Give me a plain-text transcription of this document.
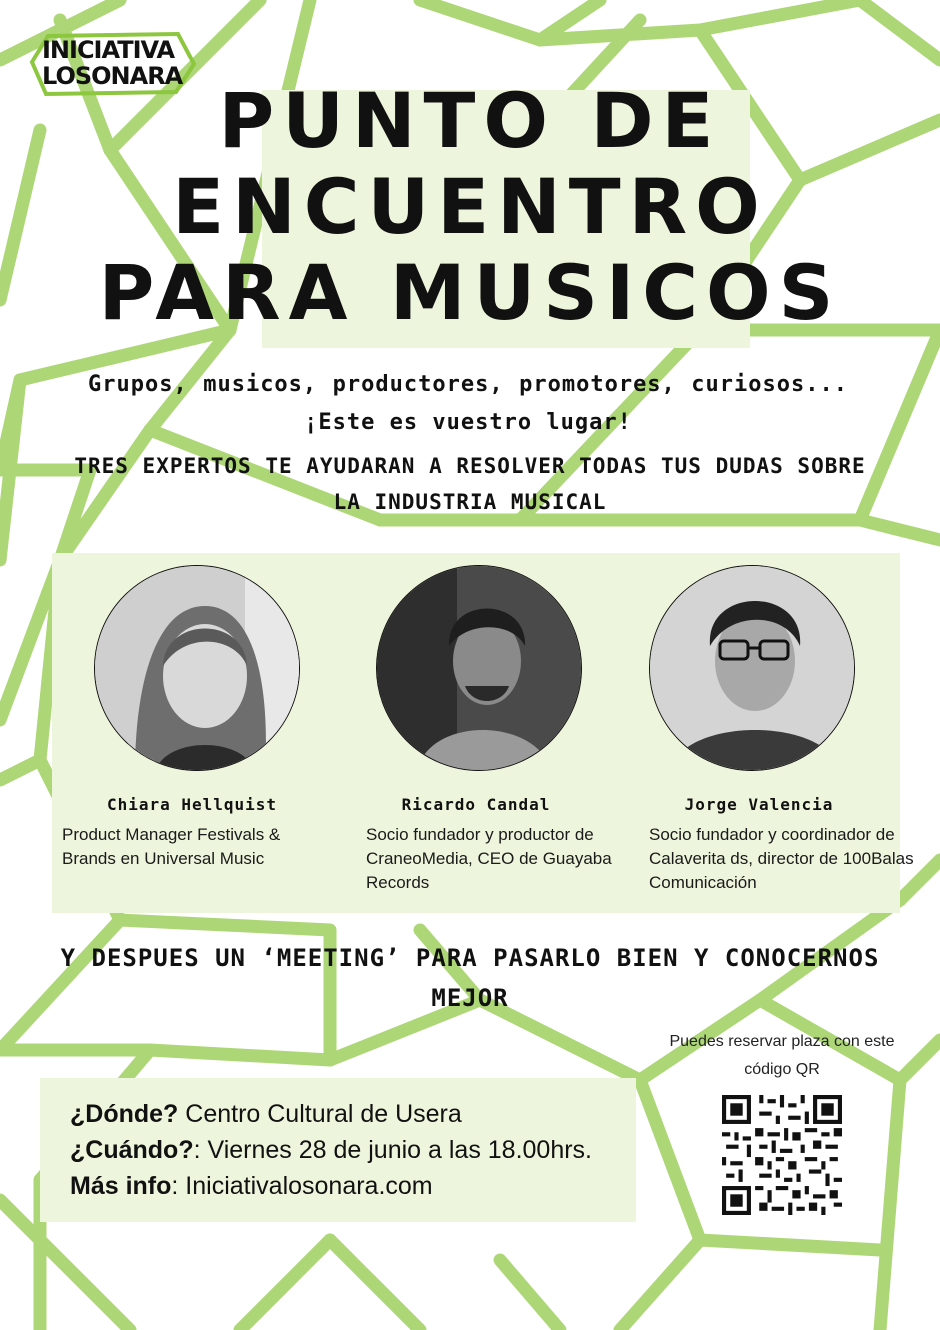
INICIATIVA
LOSONARA PUNTO DE
ENCUENTRO
PARA MUSICOS
Grupos, musicos, productores, promotores, curiosos... ¡Este es vuestro lugar!
TRES EXPERTOS TE AYUDARAN A RESOLVER TODAS TUS DUDAS SOBRE LA INDUSTRIA MUSICAL
Chiara Hellquist
Product Manager Festivals & Brands en Universal Music
Ricardo Candal
Socio fundador y productor de CraneoMedia, CEO de Guayaba Records
Jorge Valencia
Socio fundador y coordinador de Calaverita ds, director de 100Balas Comunicación
Y DESPUES UN ‘MEETING’ PARA PASARLO BIEN Y CONOCERNOS MEJOR
Puedes reservar plaza con este código QR
¿Dónde? Centro Cultural de Usera
¿Cuándo?: Viernes 28 de junio a las 18.00hrs.
Más info: Iniciativalosonara.com
